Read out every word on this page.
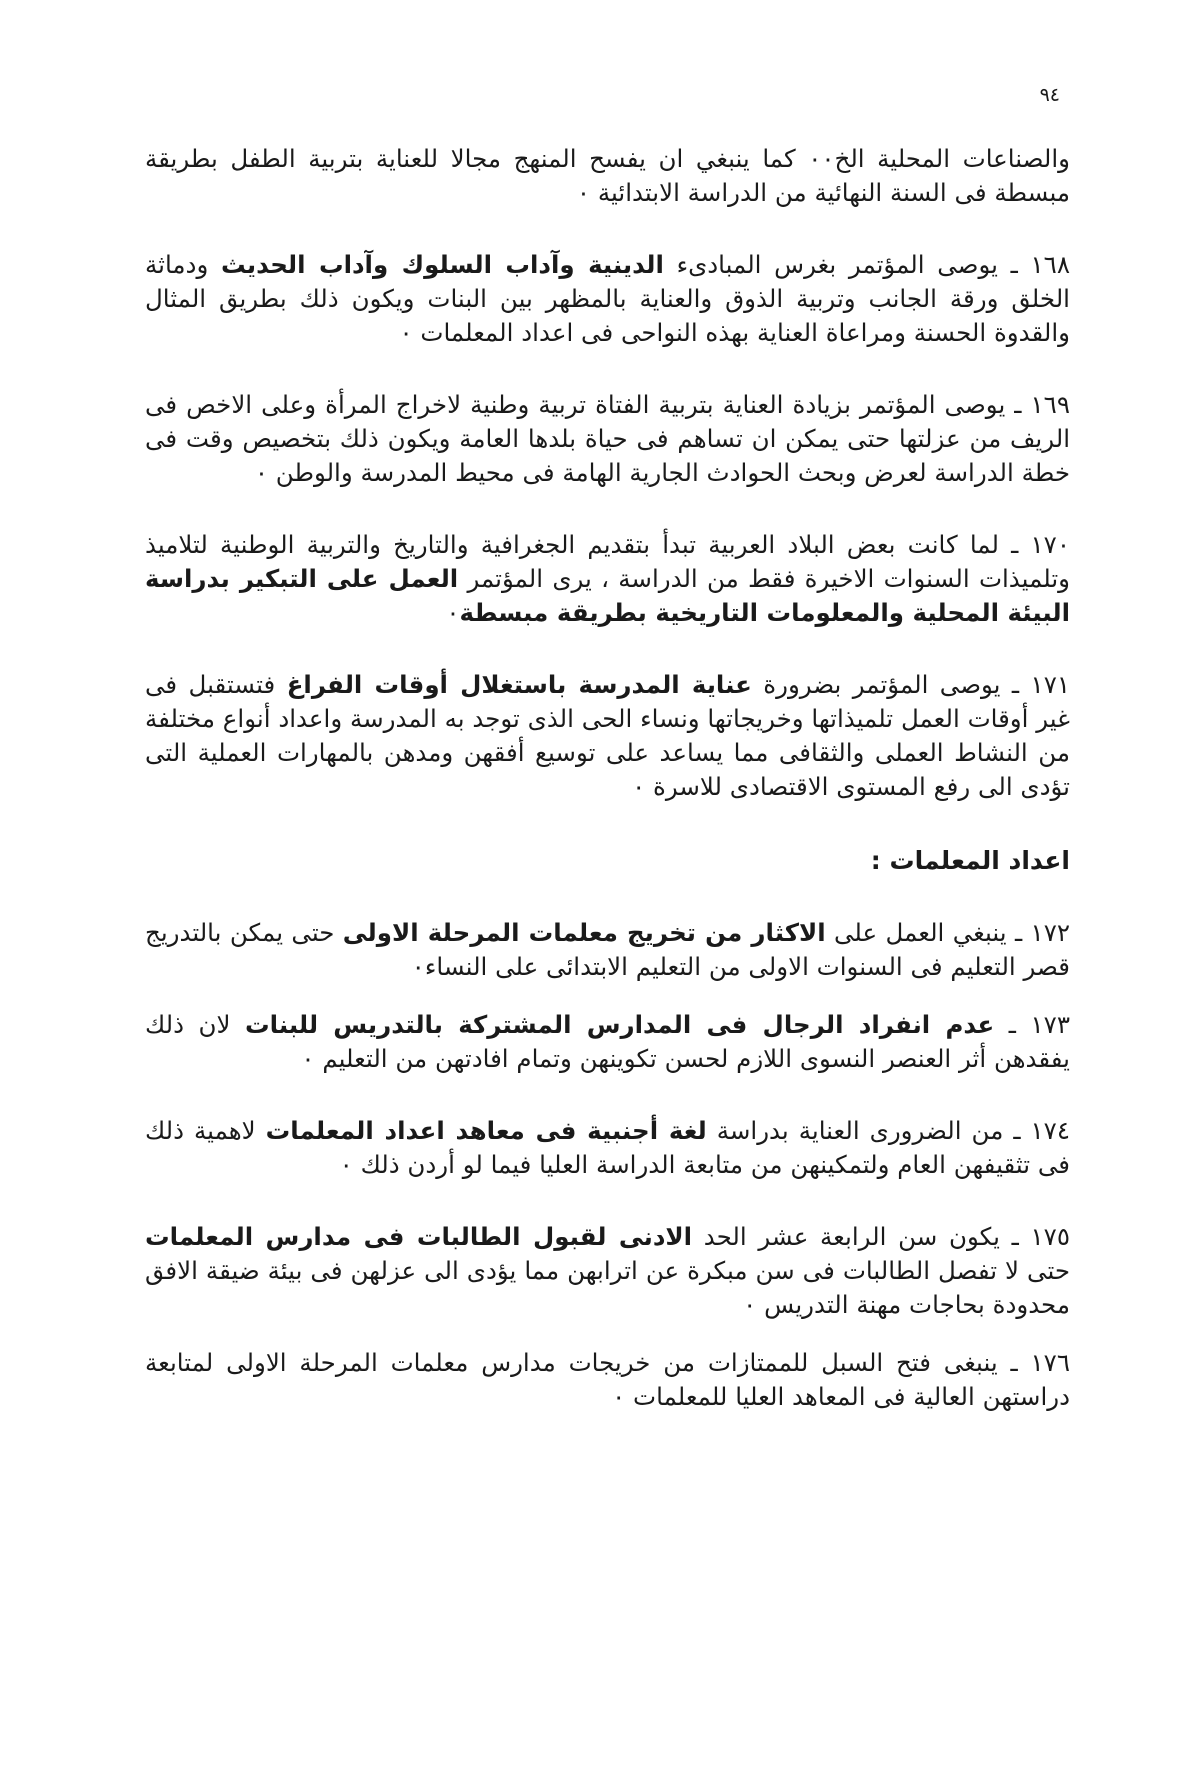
٩٤

والصناعات المحلية الخ٠٠ كما ينبغي ان يفسح المنهج مجالا للعناية بتربية الطفل بطريقة مبسطة فى السنة النهائية من الدراسة الابتدائية ٠

١٦٨ ـ يوصى المؤتمر بغرس المبادىء الدينية وآداب السلوك وآداب الحديث ودماثة الخلق ورقة الجانب وتربية الذوق والعناية بالمظهر بين البنات ويكون ذلك بطريق المثال والقدوة الحسنة ومراعاة العناية بهذه النواحى فى اعداد المعلمات ٠

١٦٩ ـ يوصى المؤتمر بزيادة العناية بتربية الفتاة تربية وطنية لاخراج المرأة وعلى الاخص فى الريف من عزلتها حتى يمكن ان تساهم فى حياة بلدها العامة ويكون ذلك بتخصيص وقت فى خطة الدراسة لعرض وبحث الحوادث الجارية الهامة فى محيط المدرسة والوطن ٠

١٧٠ ـ لما كانت بعض البلاد العربية تبدأ بتقديم الجغرافية والتاريخ والتربية الوطنية لتلاميذ وتلميذات السنوات الاخيرة فقط من الدراسة ، يرى المؤتمر العمل على التبكير بدراسة البيئة المحلية والمعلومات التاريخية بطريقة مبسطة٠

١٧١ ـ يوصى المؤتمر بضرورة عناية المدرسة باستغلال أوقات الفراغ فتستقبل فى غير أوقات العمل تلميذاتها وخريجاتها ونساء الحى الذى توجد به المدرسة واعداد أنواع مختلفة من النشاط العملى والثقافى مما يساعد على توسيع أفقهن ومدهن بالمهارات العملية التى تؤدى الى رفع المستوى الاقتصادى للاسرة ٠

اعداد المعلمات :

١٧٢ ـ ينبغي العمل على الاكثار من تخريج معلمات المرحلة الاولى حتى يمكن بالتدريج قصر التعليم فى السنوات الاولى من التعليم الابتدائى على النساء٠

١٧٣ ـ عدم انفراد الرجال فى المدارس المشتركة بالتدريس للبنات لان ذلك يفقدهن أثر العنصر النسوى اللازم لحسن تكوينهن وتمام افادتهن من التعليم ٠

١٧٤ ـ من الضرورى العناية بدراسة لغة أجنبية فى معاهد اعداد المعلمات لاهمية ذلك فى تثقيفهن العام ولتمكينهن من متابعة الدراسة العليا فيما لو أردن ذلك ٠

١٧٥ ـ يكون سن الرابعة عشر الحد الادنى لقبول الطالبات فى مدارس المعلمات حتى لا تفصل الطالبات فى سن مبكرة عن اترابهن مما يؤدى الى عزلهن فى بيئة ضيقة الافق محدودة بحاجات مهنة التدريس ٠

١٧٦ ـ ينبغى فتح السبل للممتازات من خريجات مدارس معلمات المرحلة الاولى لمتابعة دراستهن العالية فى المعاهد العليا للمعلمات ٠
